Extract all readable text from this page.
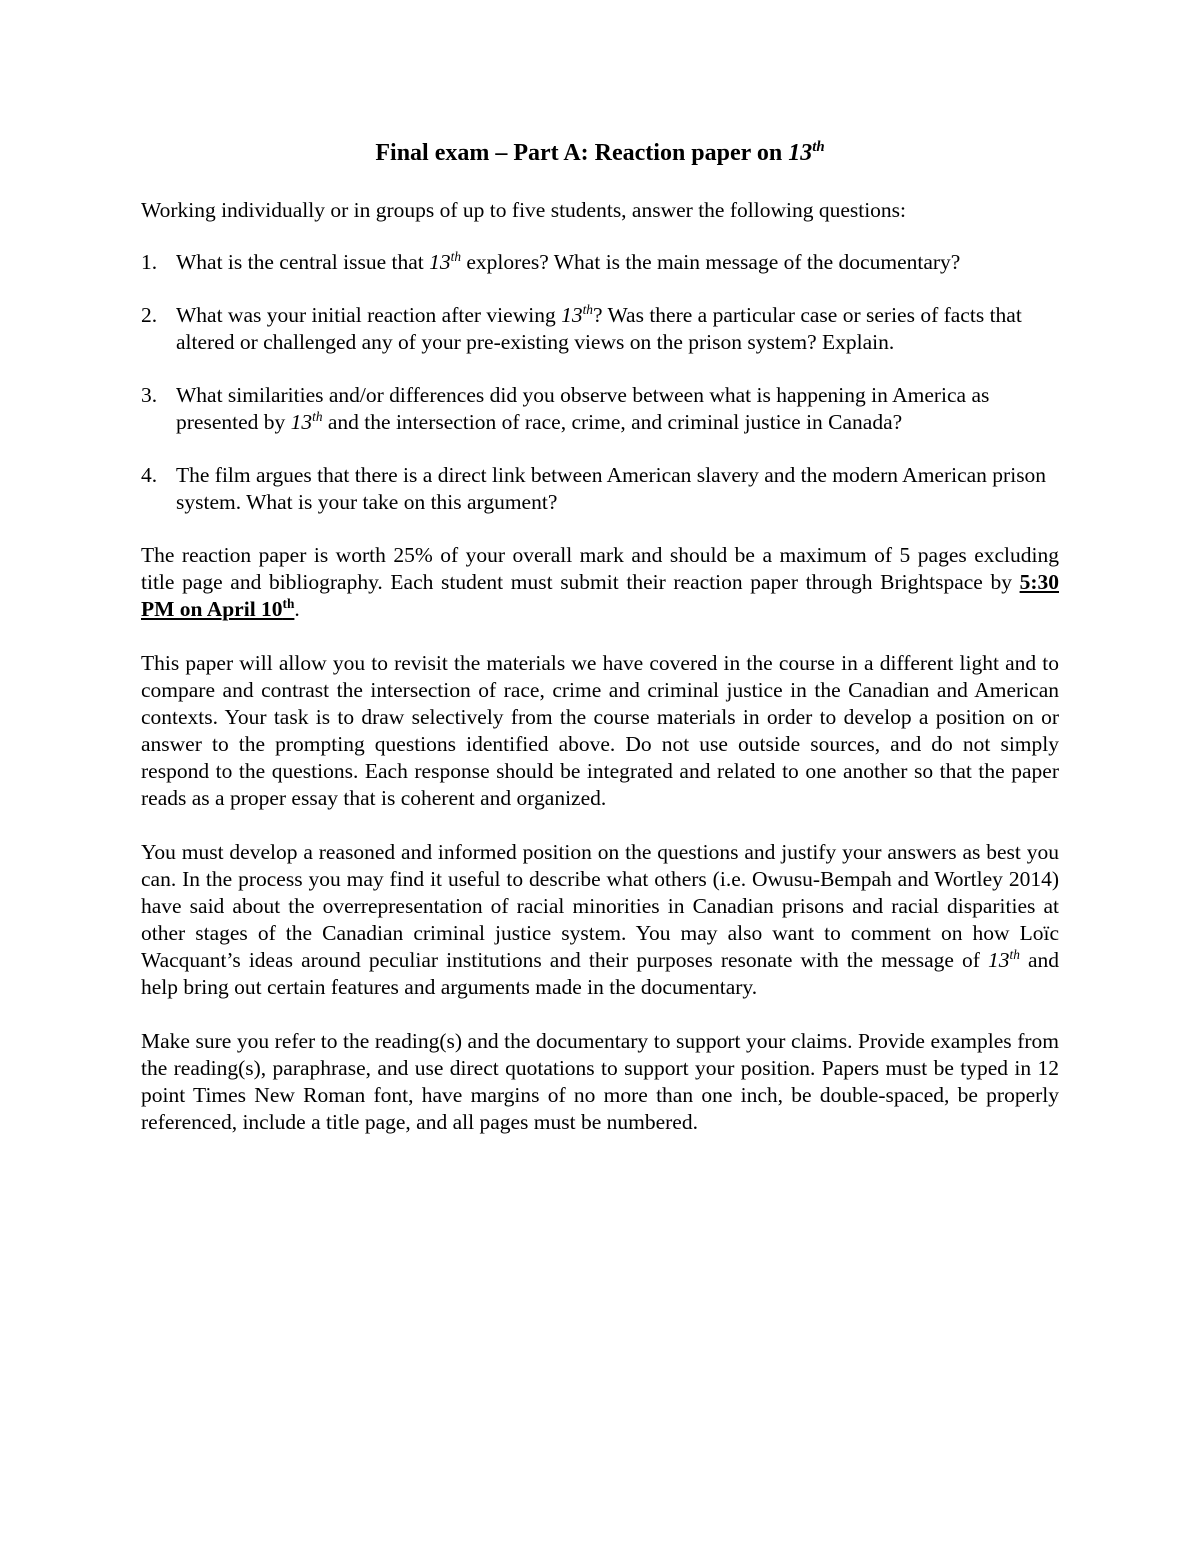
Final exam – Part A: Reaction paper on 13th
Working individually or in groups of up to five students, answer the following questions:
1. What is the central issue that 13th explores? What is the main message of the documentary?
2. What was your initial reaction after viewing 13th? Was there a particular case or series of facts that altered or challenged any of your pre-existing views on the prison system? Explain.
3. What similarities and/or differences did you observe between what is happening in America as presented by 13th and the intersection of race, crime, and criminal justice in Canada?
4. The film argues that there is a direct link between American slavery and the modern American prison system. What is your take on this argument?

The reaction paper is worth 25% of your overall mark and should be a maximum of 5 pages excluding title page and bibliography. Each student must submit their reaction paper through Brightspace by 5:30 PM on April 10th.

This paper will allow you to revisit the materials we have covered in the course in a different light and to compare and contrast the intersection of race, crime and criminal justice in the Canadian and American contexts. Your task is to draw selectively from the course materials in order to develop a position on or answer to the prompting questions identified above. Do not use outside sources, and do not simply respond to the questions. Each response should be integrated and related to one another so that the paper reads as a proper essay that is coherent and organized.

You must develop a reasoned and informed position on the questions and justify your answers as best you can. In the process you may find it useful to describe what others (i.e. Owusu-Bempah and Wortley 2014) have said about the overrepresentation of racial minorities in Canadian prisons and racial disparities at other stages of the Canadian criminal justice system. You may also want to comment on how Loïc Wacquant’s ideas around peculiar institutions and their purposes resonate with the message of 13th and help bring out certain features and arguments made in the documentary.

Make sure you refer to the reading(s) and the documentary to support your claims. Provide examples from the reading(s), paraphrase, and use direct quotations to support your position. Papers must be typed in 12 point Times New Roman font, have margins of no more than one inch, be double-spaced, be properly referenced, include a title page, and all pages must be numbered.
